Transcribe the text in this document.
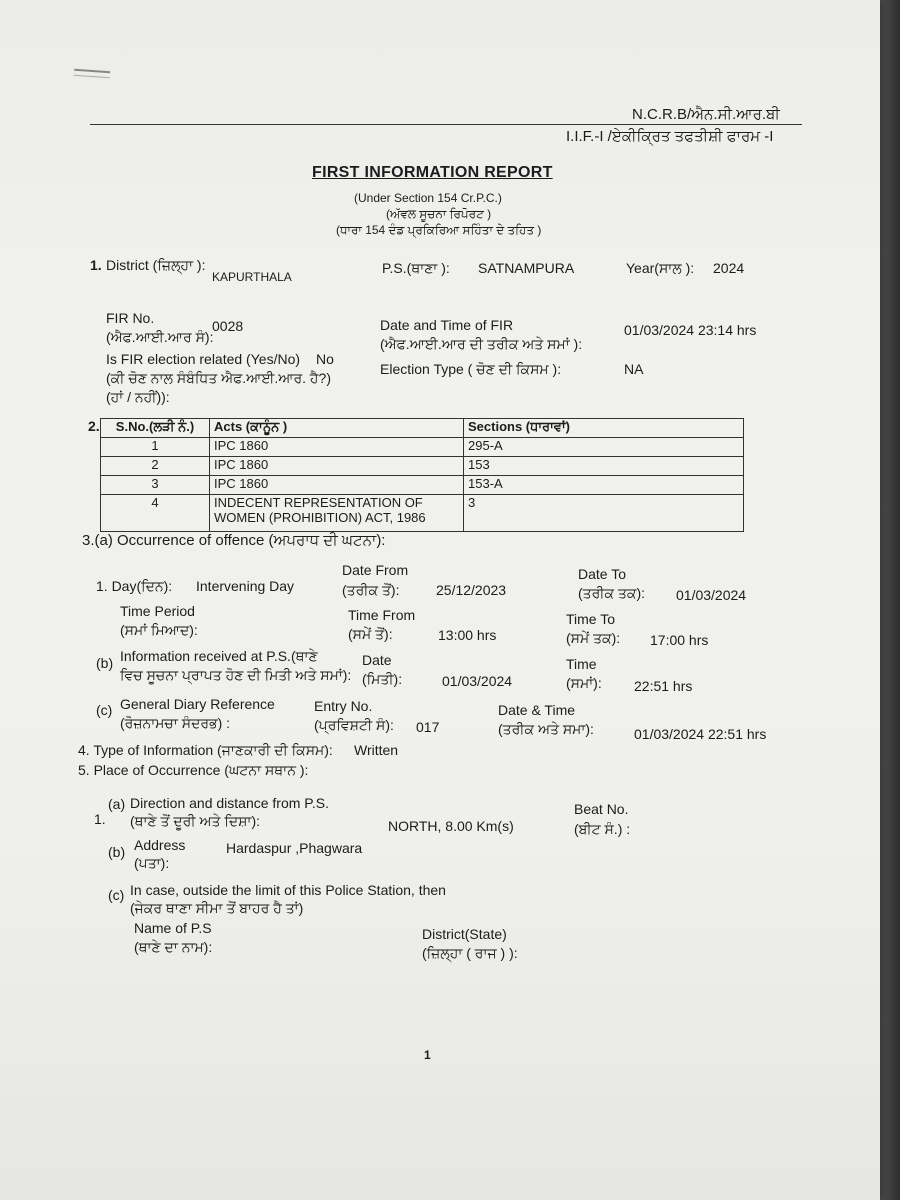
N.C.R.B/ਐਨ.ਸੀ.ਆਰ.ਬੀ
I.I.F.-I /ਏਕੀਕ੍ਰਿਤ ਤਫਤੀਸ਼ੀ ਫਾਰਮ -I
FIRST INFORMATION REPORT
(Under Section 154 Cr.P.C.)
(ਅੱਵਲ ਸੂਚਨਾ ਰਿਪੋਰਟ )
(ਧਾਰਾ 154 ਦੰਡ ਪ੍ਰਕਿਰਿਆ ਸਹਿੰਤਾ ਦੇ ਤਹਿਤ )
1. District (ਜ਼ਿਲ੍ਹਾ ):
KAPURTHALA
P.S.(ਥਾਣਾ ): SATNAMPURA	Year(ਸਾਲ ): 2024
FIR No.
(ਐਫ.ਆਈ.ਆਰ ਸੰ):
0028	Date and Time of FIR
(ਐਫ.ਆਈ.ਆਰ ਦੀ ਤਰੀਕ ਅਤੇ ਸਮਾਂ ):
01/03/2024 23:14 hrs
Is FIR election related (Yes/No) No
(ਕੀ ਚੋਣ ਨਾਲ ਸੰਬੰਧਿਤ ਐਫ.ਆਈ.ਆਰ. ਹੈ?)
(ਹਾਂ / ਨਹੀਂ)):
Election Type ( ਚੋਣ ਦੀ ਕਿਸਮ ):	NA
2. S.No.(ਲੜੀ ਨੰ.)	Acts (ਕਾਨੂੰਨ )	Sections (ਧਾਰਾਵਾਂ)
1	IPC 1860	295-A
2	IPC 1860	153
3	IPC 1860	153-A
4	INDECENT REPRESENTATION OF WOMEN (PROHIBITION) ACT, 1986	3
3.(a) Occurrence of offence (ਅਪਰਾਧ ਦੀ ਘਟਨਾ):
1. Day(ਦਿਨ): Intervening Day
Date From
(ਤਰੀਕ ਤੋਂ):	25/12/2023
Date To
(ਤਰੀਕ ਤਕ): 01/03/2024
Time Period
(ਸਮਾਂ ਮਿਆਦ):
Time From
(ਸਮੇਂ ਤੋਂ):	13:00 hrs
Time To
(ਸਮੇਂ ਤਕ): 17:00 hrs
(b) Information received at P.S.(ਥਾਣੇ
ਵਿਚ ਸੂਚਨਾ ਪ੍ਰਾਪਤ ਹੋਣ ਦੀ ਮਿਤੀ ਅਤੇ ਸਮਾਂ):
Date
(ਮਿਤੀ):	01/03/2024
Time
(ਸਮਾਂ): 22:51 hrs
(c) General Diary Reference
(ਰੋਜ਼ਨਾਮਚਾ ਸੰਦਰਭ) :
Entry No.
(ਪ੍ਰਵਿਸ਼ਟੀ ਸੰ): 017
Date & Time
(ਤਰੀਕ ਅਤੇ ਸਮਾ):	01/03/2024 22:51 hrs
4. Type of Information (ਜਾਣਕਾਰੀ ਦੀ ਕਿਸਮ): Written
5. Place of Occurrence (ਘਟਨਾ ਸਥਾਨ ):
1.
(a) Direction and distance from P.S.
(ਥਾਣੇ ਤੋਂ ਦੂਰੀ ਅਤੇ ਦਿਸ਼ਾ):	NORTH, 8.00 Km(s)
Beat No.
(ਬੀਟ ਸੰ.) :
(b) Address
(ਪਤਾ):
Hardaspur ,Phagwara
(c) In case, outside the limit of this Police Station, then
(ਜੇਕਰ ਥਾਣਾ ਸੀਮਾ ਤੋਂ ਬਾਹਰ ਹੈ ਤਾਂ)
Name of P.S
(ਥਾਣੇ ਦਾ ਨਾਮ):
District(State)
(ਜ਼ਿਲ੍ਹਾ ( ਰਾਜ ) ):
1
